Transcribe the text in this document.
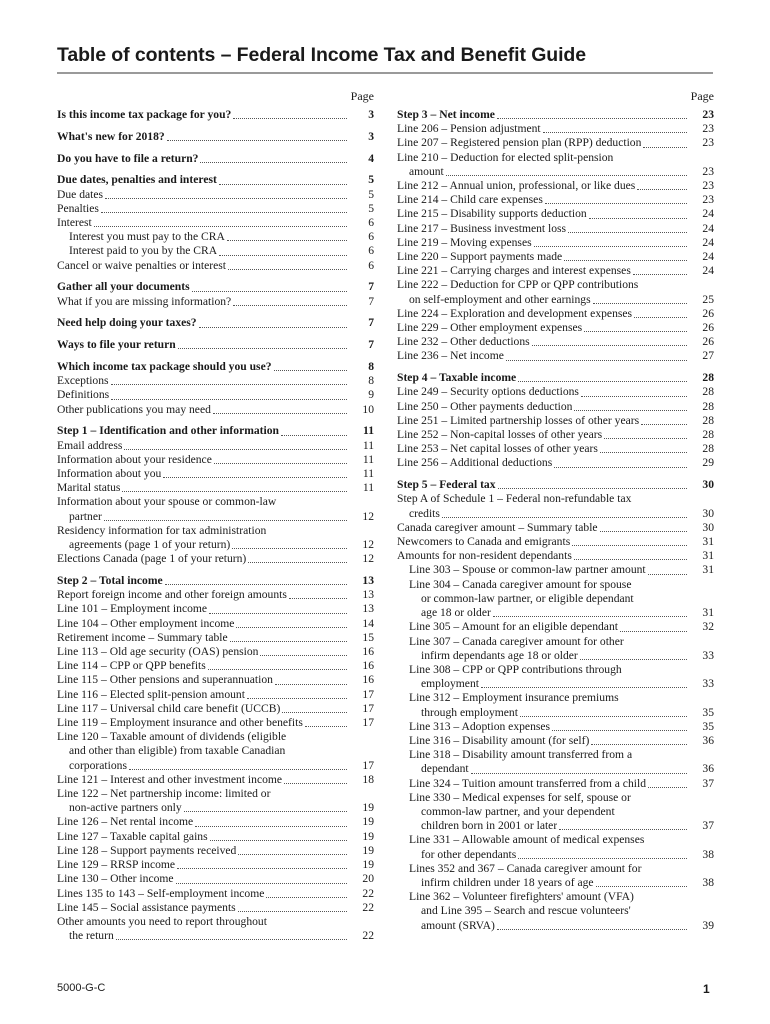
Table of contents – Federal Income Tax and Benefit Guide
Page
Is this income tax package for you?	3
What's new for 2018?	3
Do you have to file a return?	4
Due dates, penalties and interest	5
Due dates	5
Penalties	5
Interest	6
Interest you must pay to the CRA	6
Interest paid to you by the CRA	6
Cancel or waive penalties or interest	6
Gather all your documents	7
What if you are missing information?	7
Need help doing your taxes?	7
Ways to file your return	7
Which income tax package should you use?	8
Exceptions	8
Definitions	9
Other publications you may need	10
Step 1 – Identification and other information	11
Email address	11
Information about your residence	11
Information about you	11
Marital status	11
Information about your spouse or common-law
partner	12
Residency information for tax administration
agreements (page 1 of your return)	12
Elections Canada (page 1 of your return)	12
Step 2 – Total income	13
Report foreign income and other foreign amounts	13
Line 101 – Employment income	13
Line 104 – Other employment income	14
Retirement income – Summary table	15
Line 113 – Old age security (OAS) pension	16
Line 114 – CPP or QPP benefits	16
Line 115 – Other pensions and superannuation	16
Line 116 – Elected split-pension amount	17
Line 117 – Universal child care benefit (UCCB)	17
Line 119 – Employment insurance and other benefits	17
Line 120 – Taxable amount of dividends (eligible
and other than eligible) from taxable Canadian
corporations	17
Line 121 – Interest and other investment income	18
Line 122 – Net partnership income: limited or
non-active partners only	19
Line 126 – Net rental income	19
Line 127 – Taxable capital gains	19
Line 128 – Support payments received	19
Line 129 – RRSP income	19
Line 130 – Other income	20
Lines 135 to 143 – Self-employment income	22
Line 145 – Social assistance payments	22
Other amounts you need to report throughout
the return	22
Page
Step 3 – Net income	23
Line 206 – Pension adjustment	23
Line 207 – Registered pension plan (RPP) deduction	23
Line 210 – Deduction for elected split-pension
amount	23
Line 212 – Annual union, professional, or like dues	23
Line 214 – Child care expenses	23
Line 215 – Disability supports deduction	24
Line 217 – Business investment loss	24
Line 219 – Moving expenses	24
Line 220 – Support payments made	24
Line 221 – Carrying charges and interest expenses	24
Line 222 – Deduction for CPP or QPP contributions
on self-employment and other earnings	25
Line 224 – Exploration and development expenses	26
Line 229 – Other employment expenses	26
Line 232 – Other deductions	26
Line 236 – Net income	27
Step 4 – Taxable income	28
Line 249 – Security options deductions	28
Line 250 – Other payments deduction	28
Line 251 – Limited partnership losses of other years	28
Line 252 – Non-capital losses of other years	28
Line 253 – Net capital losses of other years	28
Line 256 – Additional deductions	29
Step 5 – Federal tax	30
Step A of Schedule 1 – Federal non-refundable tax
credits	30
Canada caregiver amount – Summary table	30
Newcomers to Canada and emigrants	31
Amounts for non-resident dependants	31
Line 303 – Spouse or common-law partner amount	31
Line 304 – Canada caregiver amount for spouse
or common-law partner, or eligible dependant
age 18 or older	31
Line 305 – Amount for an eligible dependant	32
Line 307 – Canada caregiver amount for other
infirm dependants age 18 or older	33
Line 308 – CPP or QPP contributions through
employment	33
Line 312 – Employment insurance premiums
through employment	35
Line 313 – Adoption expenses	35
Line 316 – Disability amount (for self)	36
Line 318 – Disability amount transferred from a
dependant	36
Line 324 – Tuition amount transferred from a child	37
Line 330 – Medical expenses for self, spouse or
common-law partner, and your dependent
children born in 2001 or later	37
Line 331 – Allowable amount of medical expenses
for other dependants	38
Lines 352 and 367 – Canada caregiver amount for
infirm children under 18 years of age	38
Line 362 – Volunteer firefighters' amount (VFA)
and Line 395 – Search and rescue volunteers'
amount (SRVA)	39
5000-G-C	1
